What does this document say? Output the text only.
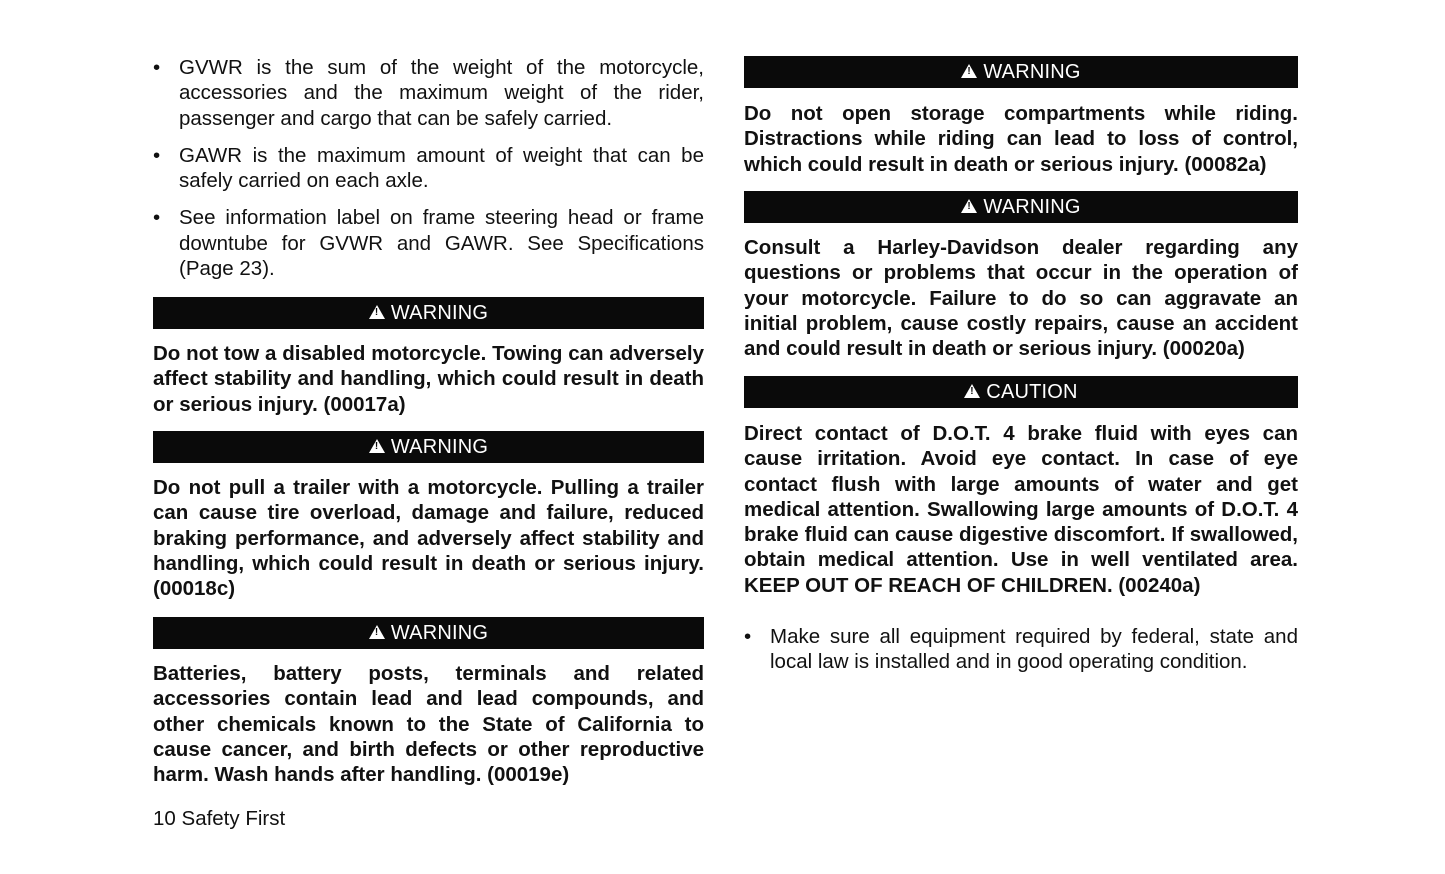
• GVWR is the sum of the weight of the motorcycle, accessories and the maximum weight of the rider, passenger and cargo that can be safely carried.
• GAWR is the maximum amount of weight that can be safely carried on each axle.
• See information label on frame steering head or frame downtube for GVWR and GAWR. See Specifications (Page 23).
!
WARNING
Do not tow a disabled motorcycle. Towing can adversely affect stability and handling, which could result in death or serious injury. (00017a)
!
WARNING
Do not pull a trailer with a motorcycle. Pulling a trailer can cause tire overload, damage and failure, reduced braking performance, and adversely affect stability and handling, which could result in death or serious injury. (00018c)
!
WARNING
Batteries, battery posts, terminals and related accessories contain lead and lead compounds, and other chemicals known to the State of California to cause cancer, and birth defects or other reproductive harm. Wash hands after handling. (00019e)
!
WARNING
Do not open storage compartments while riding. Distractions while riding can lead to loss of control, which could result in death or serious injury. (00082a)
!
WARNING
Consult a Harley-Davidson dealer regarding any questions or problems that occur in the operation of your motorcycle. Failure to do so can aggravate an initial problem, cause costly repairs, cause an accident and could result in death or serious injury. (00020a)
!
CAUTION
Direct contact of D.O.T. 4 brake fluid with eyes can cause irritation. Avoid eye contact. In case of eye contact flush with large amounts of water and get medical attention. Swallowing large amounts of D.O.T. 4 brake fluid can cause digestive discomfort. If swallowed, obtain medical attention. Use in well ventilated area. KEEP OUT OF REACH OF CHILDREN. (00240a)
• Make sure all equipment required by federal, state and local law is installed and in good operating condition.
10 Safety First
